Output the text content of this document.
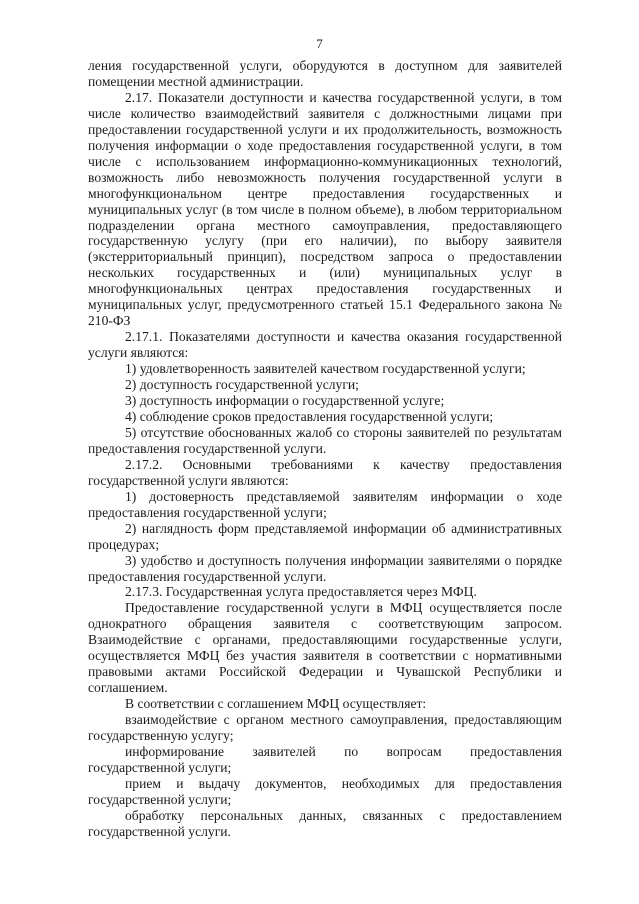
7

ления государственной услуги, оборудуются в доступном для заявителей помещении местной администрации.

2.17. Показатели доступности и качества государственной услуги, в том числе количество взаимодействий заявителя с должностными лицами при предоставлении государственной услуги и их продолжительность, возможность получения информации о ходе предоставления государственной услуги, в том числе с использованием информационно-коммуникационных технологий, возможность либо невозможность получения государственной услуги в многофункциональном центре предоставления государственных и муниципальных услуг (в том числе в полном объеме), в любом территориальном подразделении органа местного самоуправления, предоставляющего государственную услугу (при его наличии), по выбору заявителя (экстерриториальный принцип), посредством запроса о предоставлении нескольких государственных и (или) муниципальных услуг в многофункциональных центрах предоставления государственных и муниципальных услуг, предусмотренного статьей 15.1 Федерального закона № 210-ФЗ

2.17.1. Показателями доступности и качества оказания государственной услуги являются:

1) удовлетворенность заявителей качеством государственной услуги;

2) доступность государственной услуги;

3) доступность информации о государственной услуге;

4) соблюдение сроков предоставления государственной услуги;

5) отсутствие обоснованных жалоб со стороны заявителей по результатам предоставления государственной услуги.

2.17.2. Основными требованиями к качеству предоставления государственной услуги являются:

1) достоверность представляемой заявителям информации о ходе предоставления государственной услуги;

2) наглядность форм представляемой информации об административных процедурах;

3) удобство и доступность получения информации заявителями о порядке предоставления государственной услуги.

2.17.3. Государственная услуга предоставляется через МФЦ.

Предоставление государственной услуги в МФЦ осуществляется после однократного обращения заявителя с соответствующим запросом. Взаимодействие с органами, предоставляющими государственные услуги, осуществляется МФЦ без участия заявителя в соответствии с нормативными правовыми актами Российской Федерации и Чувашской Республики и соглашением.

В соответствии с соглашением МФЦ осуществляет:

взаимодействие с органом местного самоуправления, предоставляющим государственную услугу;

информирование заявителей по вопросам предоставления государственной услуги;

прием и выдачу документов, необходимых для предоставления государственной услуги;

обработку персональных данных, связанных с предоставлением государственной услуги.
